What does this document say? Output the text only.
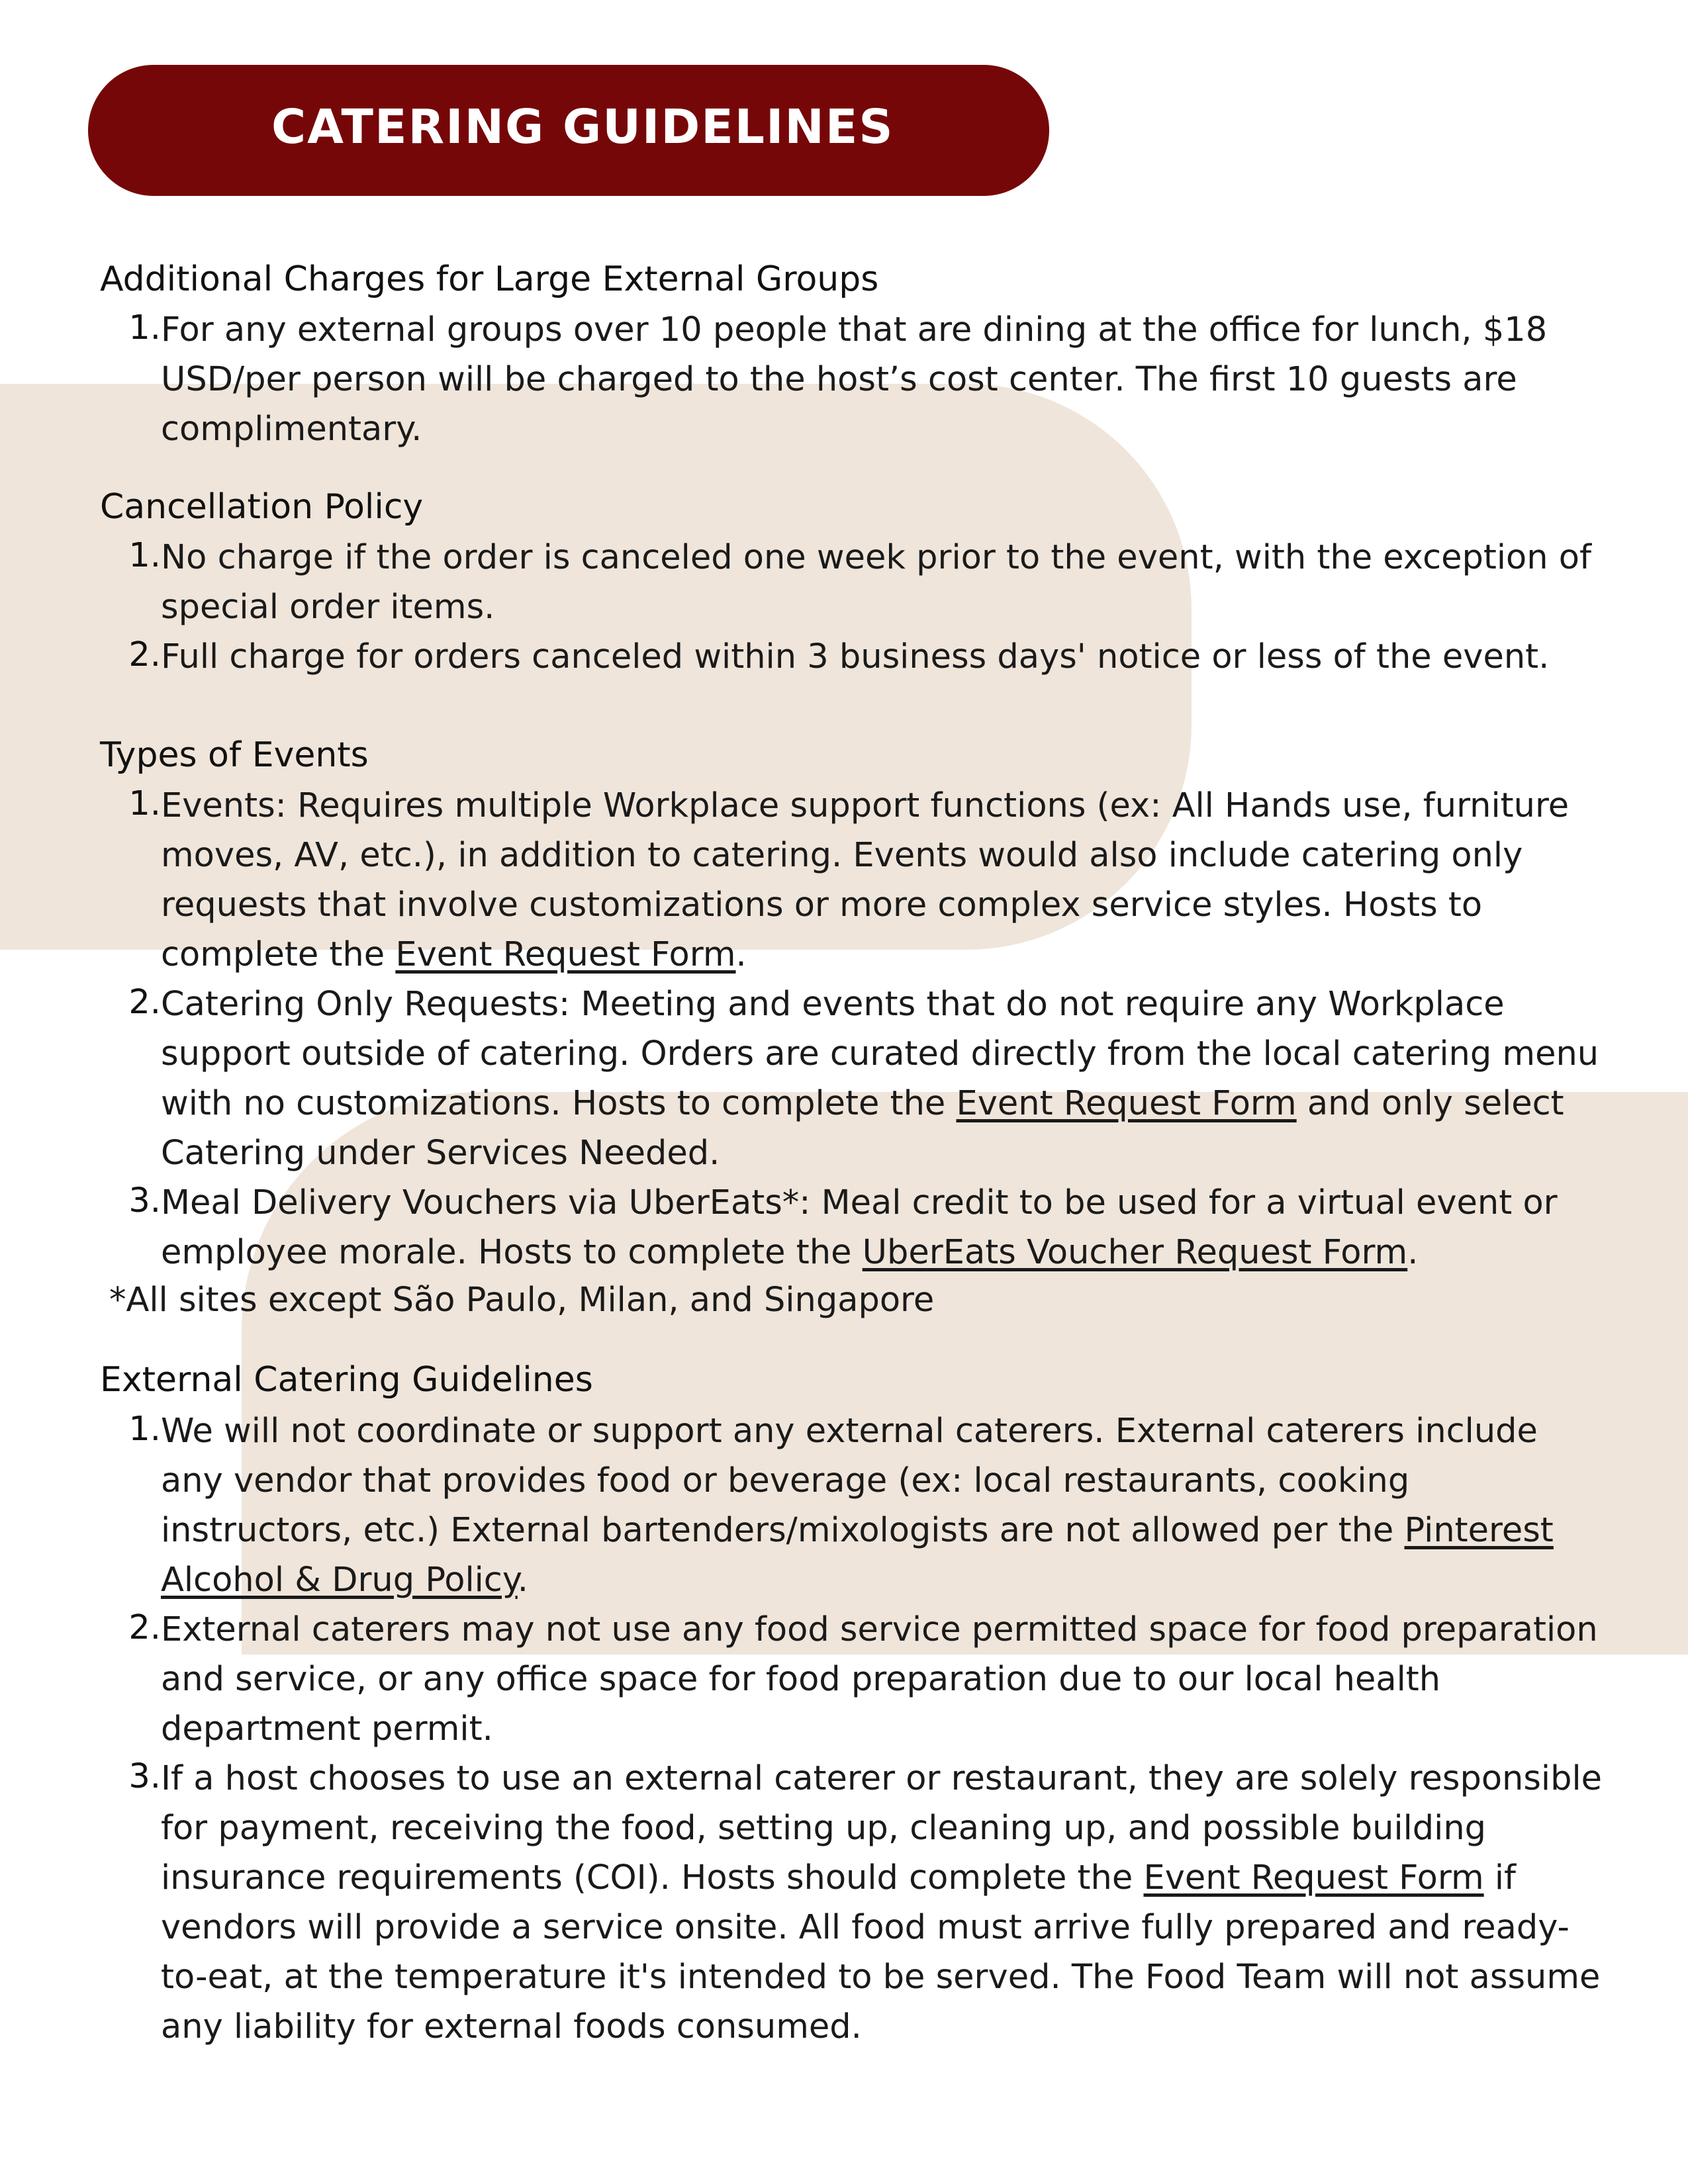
CATERING GUIDELINES
Additional Charges for Large External Groups
1. For any external groups over 10 people that are dining at the office for lunch, $18 USD/per person will be charged to the host’s cost center. The first 10 guests are complimentary.
Cancellation Policy
1. No charge if the order is canceled one week prior to the event, with the exception of special order items.
2. Full charge for orders canceled within 3 business days' notice or less of the event.
Types of Events
1. Events: Requires multiple Workplace support functions (ex: All Hands use, furniture moves, AV, etc.), in addition to catering. Events would also include catering only requests that involve customizations or more complex service styles. Hosts to complete the Event Request Form.
2. Catering Only Requests: Meeting and events that do not require any Workplace support outside of catering. Orders are curated directly from the local catering menu with no customizations. Hosts to complete the Event Request Form and only select Catering under Services Needed.
3. Meal Delivery Vouchers via UberEats*: Meal credit to be used for a virtual event or employee morale. Hosts to complete the UberEats Voucher Request Form.
*All sites except São Paulo, Milan, and Singapore
External Catering Guidelines
1. We will not coordinate or support any external caterers. External caterers include any vendor that provides food or beverage (ex: local restaurants, cooking instructors, etc.) External bartenders/mixologists are not allowed per the Pinterest Alcohol & Drug Policy.
2. External caterers may not use any food service permitted space for food preparation and service, or any office space for food preparation due to our local health department permit.
3. If a host chooses to use an external caterer or restaurant, they are solely responsible for payment, receiving the food, setting up, cleaning up, and possible building insurance requirements (COI). Hosts should complete the Event Request Form if vendors will provide a service onsite. All food must arrive fully prepared and ready-to-eat, at the temperature it's intended to be served. The Food Team will not assume any liability for external foods consumed.
